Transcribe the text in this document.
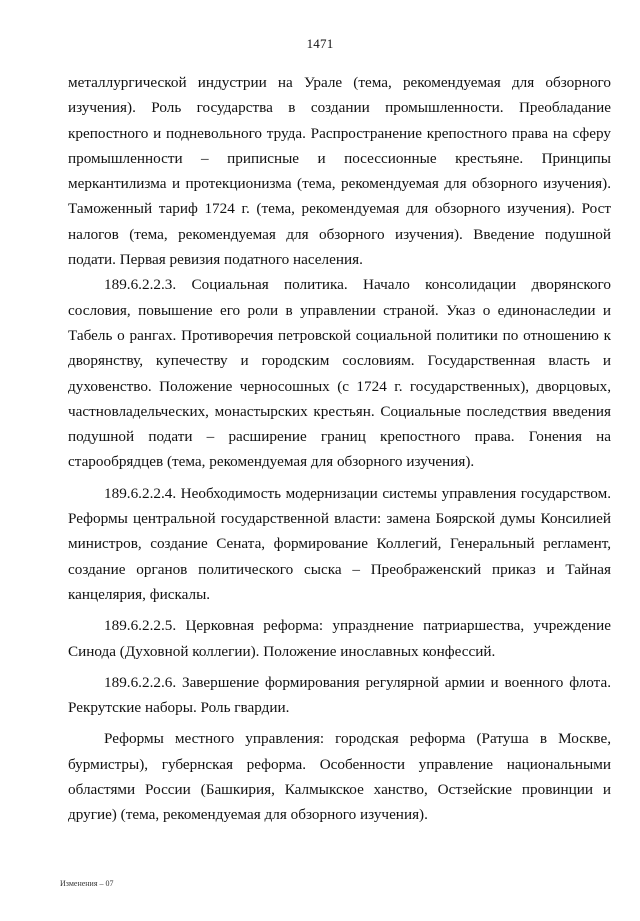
1471

металлургической индустрии на Урале (тема, рекомендуемая для обзорного изучения). Роль государства в создании промышленности. Преобладание крепостного и подневольного труда. Распространение крепостного права на сферу промышленности – приписные и посессионные крестьяне. Принципы меркантилизма и протекционизма (тема, рекомендуемая для обзорного изучения). Таможенный тариф 1724 г. (тема, рекомендуемая для обзорного изучения). Рост налогов (тема, рекомендуемая для обзорного изучения). Введение подушной подати. Первая ревизия податного населения.

189.6.2.2.3. Социальная политика. Начало консолидации дворянского сословия, повышение его роли в управлении страной. Указ о единонаследии и Табель о рангах. Противоречия петровской социальной политики по отношению к дворянству, купечеству и городским сословиям. Государственная власть и духовенство. Положение черносошных (с 1724 г. государственных), дворцовых, частновладельческих, монастырских крестьян. Социальные последствия введения подушной подати – расширение границ крепостного права. Гонения на старообрядцев (тема, рекомендуемая для обзорного изучения).

189.6.2.2.4. Необходимость модернизации системы управления государством. Реформы центральной государственной власти: замена Боярской думы Консилией министров, создание Сената, формирование Коллегий, Генеральный регламент, создание органов политического сыска – Преображенский приказ и Тайная канцелярия, фискалы.

189.6.2.2.5. Церковная реформа: упразднение патриаршества, учреждение Синода (Духовной коллегии). Положение инославных конфессий.

189.6.2.2.6. Завершение формирования регулярной армии и военного флота. Рекрутские наборы. Роль гвардии.

Реформы местного управления: городская реформа (Ратуша в Москве, бурмистры), губернская реформа. Особенности управление национальными областями России (Башкирия, Калмыкское ханство, Остзейские провинции и другие) (тема, рекомендуемая для обзорного изучения).

Изменения – 07
